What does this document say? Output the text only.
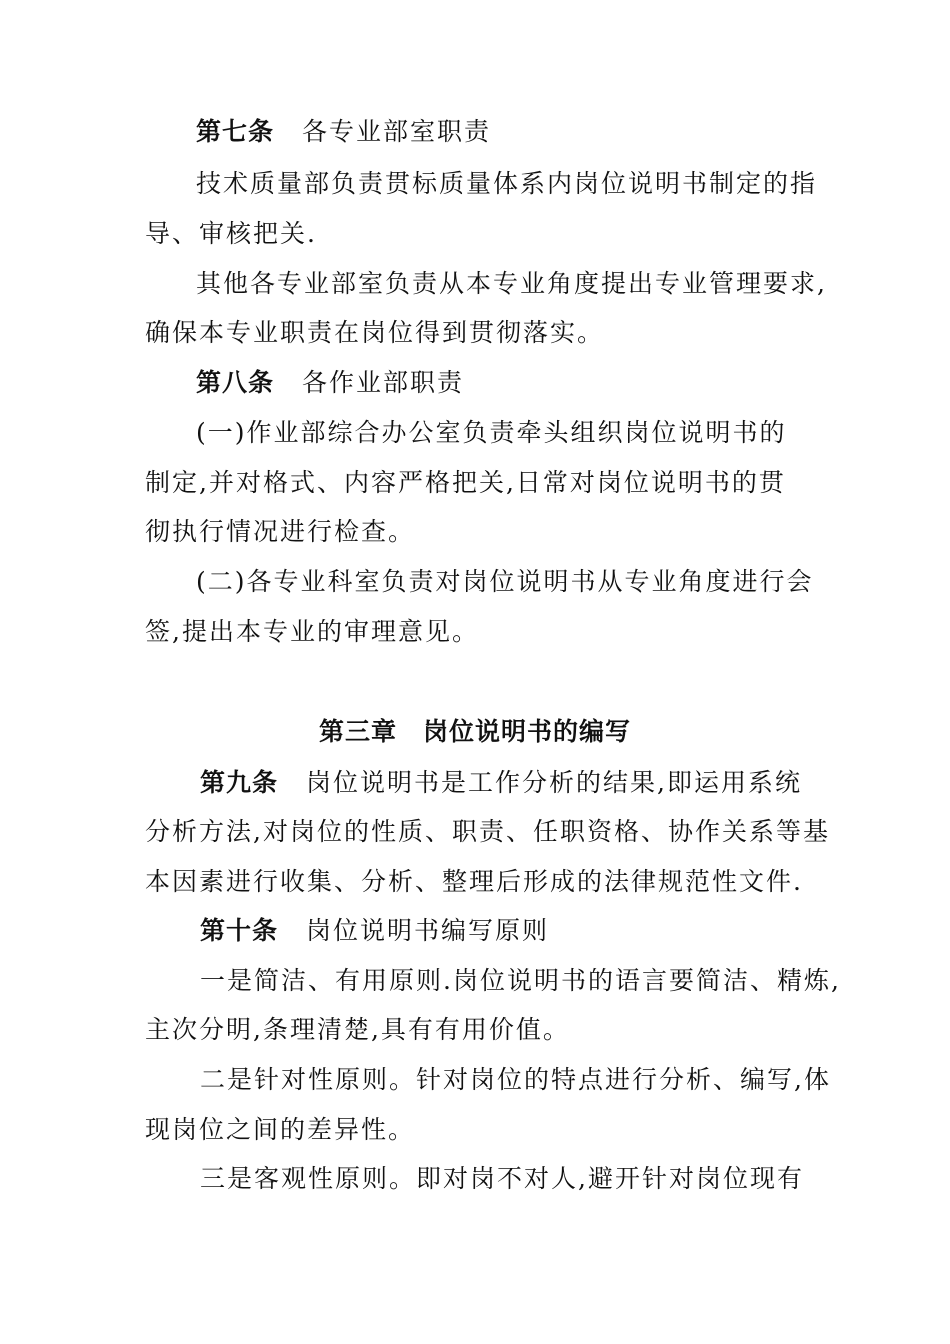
第七条 各专业部室职责
技术质量部负责贯标质量体系内岗位说明书制定的指
导、审核把关.
其他各专业部室负责从本专业角度提出专业管理要求,
确保本专业职责在岗位得到贯彻落实。
第八条 各作业部职责
(一)作业部综合办公室负责牵头组织岗位说明书的
制定,并对格式、内容严格把关,日常对岗位说明书的贯
彻执行情况进行检查。
(二)各专业科室负责对岗位说明书从专业角度进行会
签,提出本专业的审理意见。
第三章　岗位说明书的编写
第九条 岗位说明书是工作分析的结果,即运用系统
分析方法,对岗位的性质、职责、任职资格、协作关系等基
本因素进行收集、分析、整理后形成的法律规范性文件.
第十条 岗位说明书编写原则
一是简洁、有用原则.岗位说明书的语言要简洁、精炼,
主次分明,条理清楚,具有有用价值。
二是针对性原则。针对岗位的特点进行分析、编写,体
现岗位之间的差异性。
三是客观性原则。即对岗不对人,避开针对岗位现有
